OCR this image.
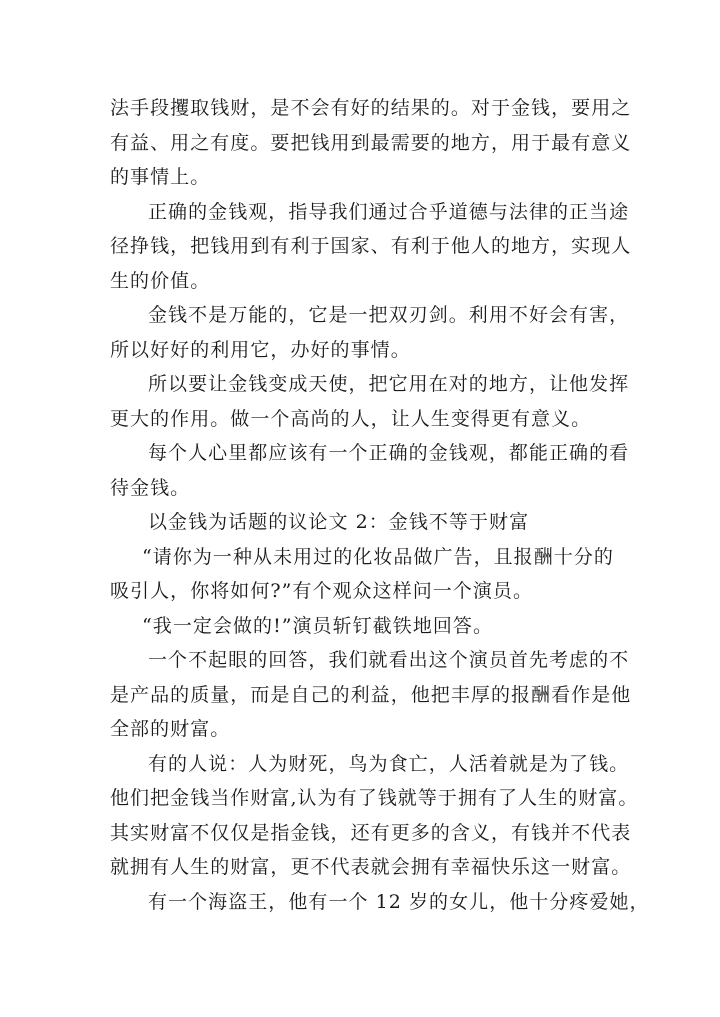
法手段攫取钱财，是不会有好的结果的。对于金钱，要用之
有益、用之有度。要把钱用到最需要的地方，用于最有意义
的事情上。
正确的金钱观，指导我们通过合乎道德与法律的正当途
径挣钱，把钱用到有利于国家、有利于他人的地方，实现人
生的价值。
金钱不是万能的，它是一把双刃剑。利用不好会有害，
所以好好的利用它，办好的事情。
所以要让金钱变成天使，把它用在对的地方，让他发挥
更大的作用。做一个高尚的人，让人生变得更有意义。
每个人心里都应该有一个正确的金钱观，都能正确的看
待金钱。
以金钱为话题的议论文 2：金钱不等于财富
“请你为一种从未用过的化妆品做广告，且报酬十分的
吸引人，你将如何?”有个观众这样问一个演员。
“我一定会做的!”演员斩钉截铁地回答。
一个不起眼的回答，我们就看出这个演员首先考虑的不
是产品的质量，而是自己的利益，他把丰厚的报酬看作是他
全部的财富。
有的人说：人为财死，鸟为食亡，人活着就是为了钱。
他们把金钱当作财富,认为有了钱就等于拥有了人生的财富。
其实财富不仅仅是指金钱，还有更多的含义，有钱并不代表
就拥有人生的财富，更不代表就会拥有幸福快乐这一财富。
有一个海盗王，他有一个 12 岁的女儿，他十分疼爱她，
